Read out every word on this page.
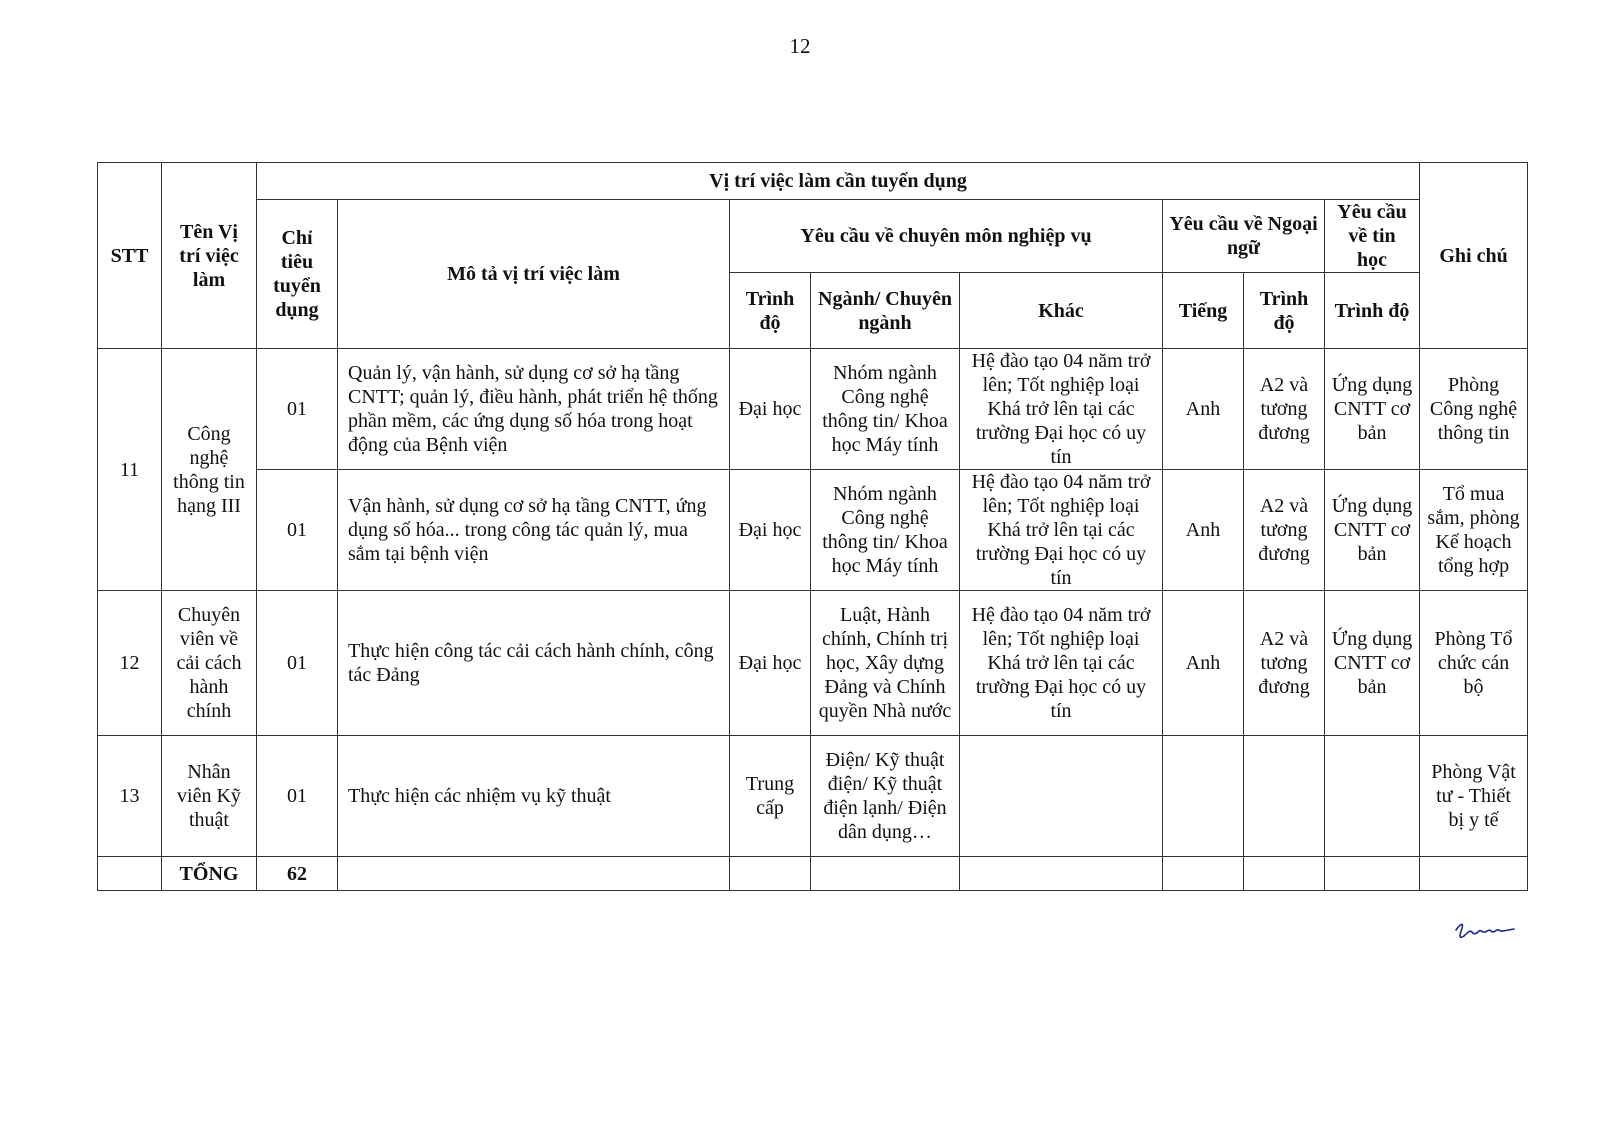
12
STT	Tên Vị trí việc làm	Vị trí việc làm cần tuyển dụng								Ghi chú
		Chỉ tiêu tuyển dụng	Mô tả vị trí việc làm	Yêu cầu về chuyên môn nghiệp vụ			Yêu cầu về Ngoại ngữ		Yêu cầu về tin học	
				Trình độ	Ngành/ Chuyên ngành	Khác	Tiếng	Trình độ	Trình độ	
11	Công nghệ thông tin hạng III	01	Quản lý, vận hành, sử dụng cơ sở hạ tầng CNTT; quản lý, điều hành, phát triển hệ thống phần mềm, các ứng dụng số hóa trong hoạt động của Bệnh viện	Đại học	Nhóm ngành Công nghệ thông tin/ Khoa học Máy tính	Hệ đào tạo 04 năm trở lên; Tốt nghiệp loại Khá trở lên tại các trường Đại học có uy tín	Anh	A2 và tương đương	Ứng dụng CNTT cơ bản	Phòng Công nghệ thông tin
		01	Vận hành, sử dụng cơ sở hạ tầng CNTT, ứng dụng số hóa... trong công tác quản lý, mua sắm tại bệnh viện	Đại học	Nhóm ngành Công nghệ thông tin/ Khoa học Máy tính	Hệ đào tạo 04 năm trở lên; Tốt nghiệp loại Khá trở lên tại các trường Đại học có uy tín	Anh	A2 và tương đương	Ứng dụng CNTT cơ bản	Tổ mua sắm, phòng Kế hoạch tổng hợp
12	Chuyên viên về cải cách hành chính	01	Thực hiện công tác cải cách hành chính, công tác Đảng	Đại học	Luật, Hành chính, Chính trị học, Xây dựng Đảng và Chính quyền Nhà nước	Hệ đào tạo 04 năm trở lên; Tốt nghiệp loại Khá trở lên tại các trường Đại học có uy tín	Anh	A2 và tương đương	Ứng dụng CNTT cơ bản	Phòng Tổ chức cán bộ
13	Nhân viên Kỹ thuật	01	Thực hiện các nhiệm vụ kỹ thuật	Trung cấp	Điện/ Kỹ thuật điện/ Kỹ thuật điện lạnh/ Điện dân dụng…					Phòng Vật tư - Thiết bị y tế
	TỔNG	62								
